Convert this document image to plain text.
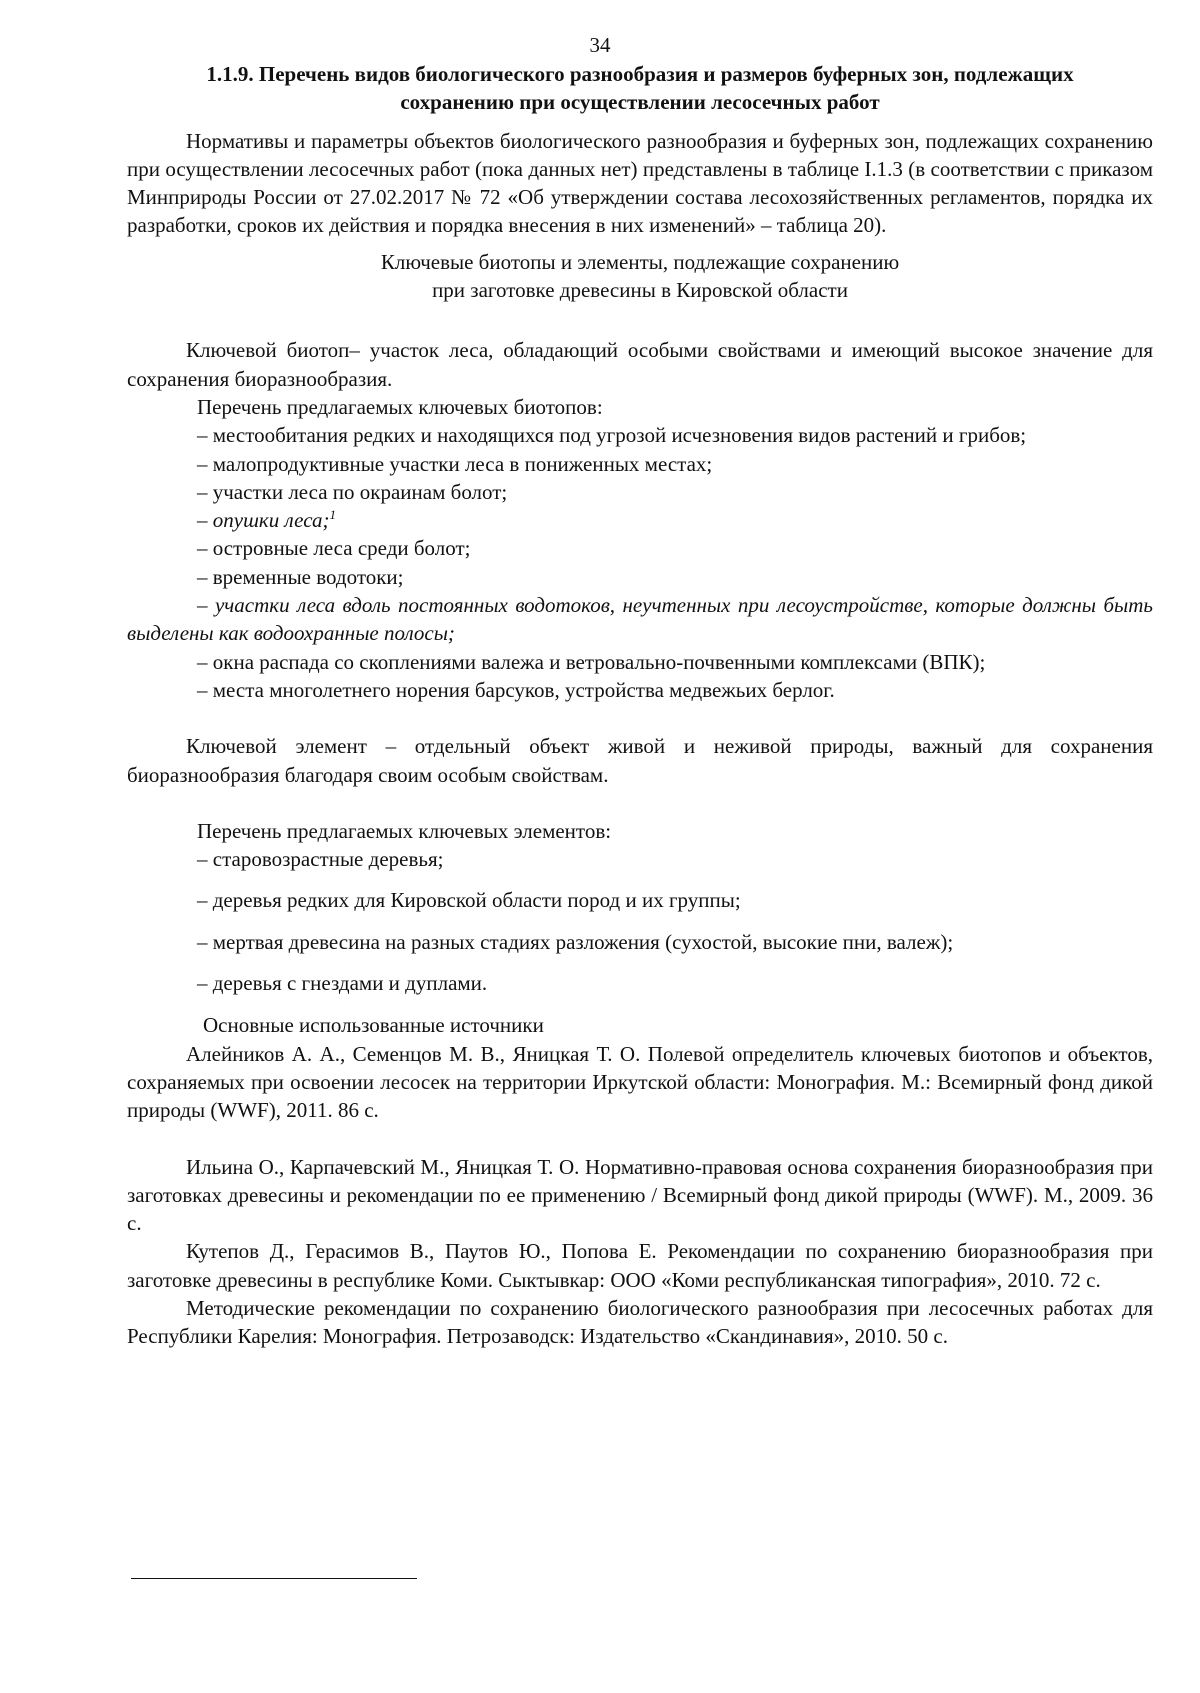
34
1.1.9. Перечень видов биологического разнообразия и размеров буферных зон, подлежащих
сохранению при осуществлении лесосечных работ

Нормативы и параметры объектов биологического разнообразия и буферных зон, подлежащих сохранению при осуществлении лесосечных работ (пока данных нет) представлены в таблице I.1.3 (в соответствии с приказом Минприроды России от 27.02.2017 № 72 «Об утверждении состава лесохозяйственных регламентов, порядка их разработки, сроков их действия и порядка внесения в них изменений» – таблица 20).

Ключевые биотопы и элементы, подлежащие сохранению
при заготовке древесины в Кировской области

Ключевой биотоп– участок леса, обладающий особыми свойствами и имеющий высокое значение для сохранения биоразнообразия.

Перечень предлагаемых ключевых биотопов:
– местообитания редких и находящихся под угрозой исчезновения видов растений и грибов;
– малопродуктивные участки леса в пониженных местах;
– участки леса по окраинам болот;
– опушки леса;$^1$
– островные леса среди болот;
– временные водотоки;

– участки леса вдоль постоянных водотоков, неучтенных при лесоустройстве, которые должны быть выделены как водоохранные полосы;

– окна распада со скоплениями валежа и ветровально-почвенными комплексами (ВПК);
– места многолетнего норения барсуков, устройства медвежьих берлог.

Ключевой элемент – отдельный объект живой и неживой природы, важный для сохранения биоразнообразия благодаря своим особым свойствам.

Перечень предлагаемых ключевых элементов:
– старовозрастные деревья;
– деревья редких для Кировской области пород и их группы;
– мертвая древесина на разных стадиях разложения (сухостой, высокие пни, валеж);
– деревья с гнездами и дуплами.
Основные использованные источники

Алейников А. А., Семенцов М. В., Яницкая Т. О. Полевой определитель ключевых биотопов и объектов, сохраняемых при освоении лесосек на территории Иркутской области: Монография. М.: Всемирный фонд дикой природы (WWF), 2011. 86 с.

Ильина О., Карпачевский М., Яницкая Т. О. Нормативно-правовая основа сохранения биоразнообразия при заготовках древесины и рекомендации по ее применению / Всемирный фонд дикой природы (WWF). М., 2009. 36 с.

Кутепов Д., Герасимов В., Паутов Ю., Попова Е. Рекомендации по сохранению биоразнообразия при заготовке древесины в республике Коми. Сыктывкар: ООО «Коми республиканская типография», 2010. 72 с.

Методические рекомендации по сохранению биологического разнообразия при лесосечных работах для Республики Карелия: Монография. Петрозаводск: Издательство «Скандинавия», 2010. 50 с.
